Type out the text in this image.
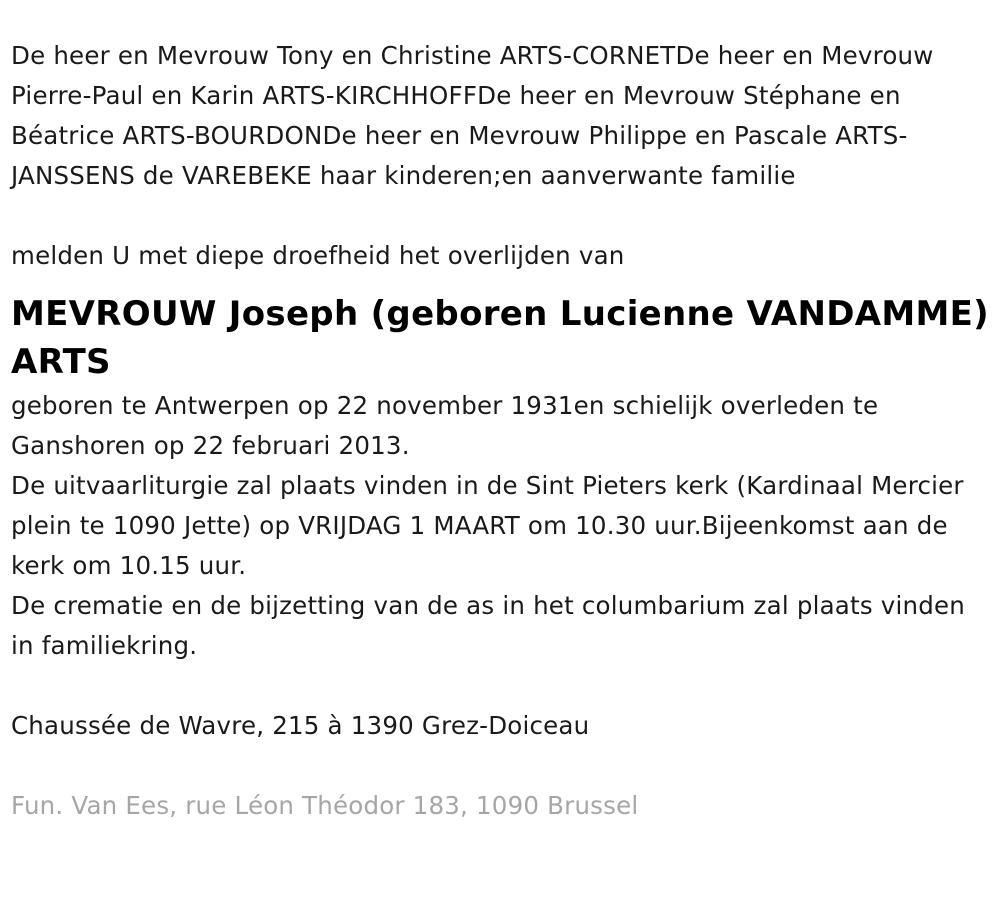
De heer en Mevrouw Tony en Christine ARTS-CORNETDe heer en Mevrouw Pierre-Paul en Karin ARTS-KIRCHHOFFDe heer en Mevrouw Stéphane en Béatrice ARTS-BOURDONDe heer en Mevrouw Philippe en Pascale ARTS-JANSSENS de VAREBEKE haar kinderen;en aanverwante familie

melden U met diepe droefheid het overlijden van

MEVROUW Joseph (geboren Lucienne VANDAMME) ARTS

geboren te Antwerpen op 22 november 1931en schielijk overleden te Ganshoren op 22 februari 2013.

De uitvaarliturgie zal plaats vinden in de Sint Pieters kerk (Kardinaal Mercier plein te 1090 Jette) op VRIJDAG 1 MAART om 10.30 uur.Bijeenkomst aan de kerk om 10.15 uur.

De crematie en de bijzetting van de as in het columbarium zal plaats vinden in familiekring.

Chaussée de Wavre, 215 à 1390 Grez-Doiceau

Fun. Van Ees, rue Léon Théodor 183, 1090 Brussel
